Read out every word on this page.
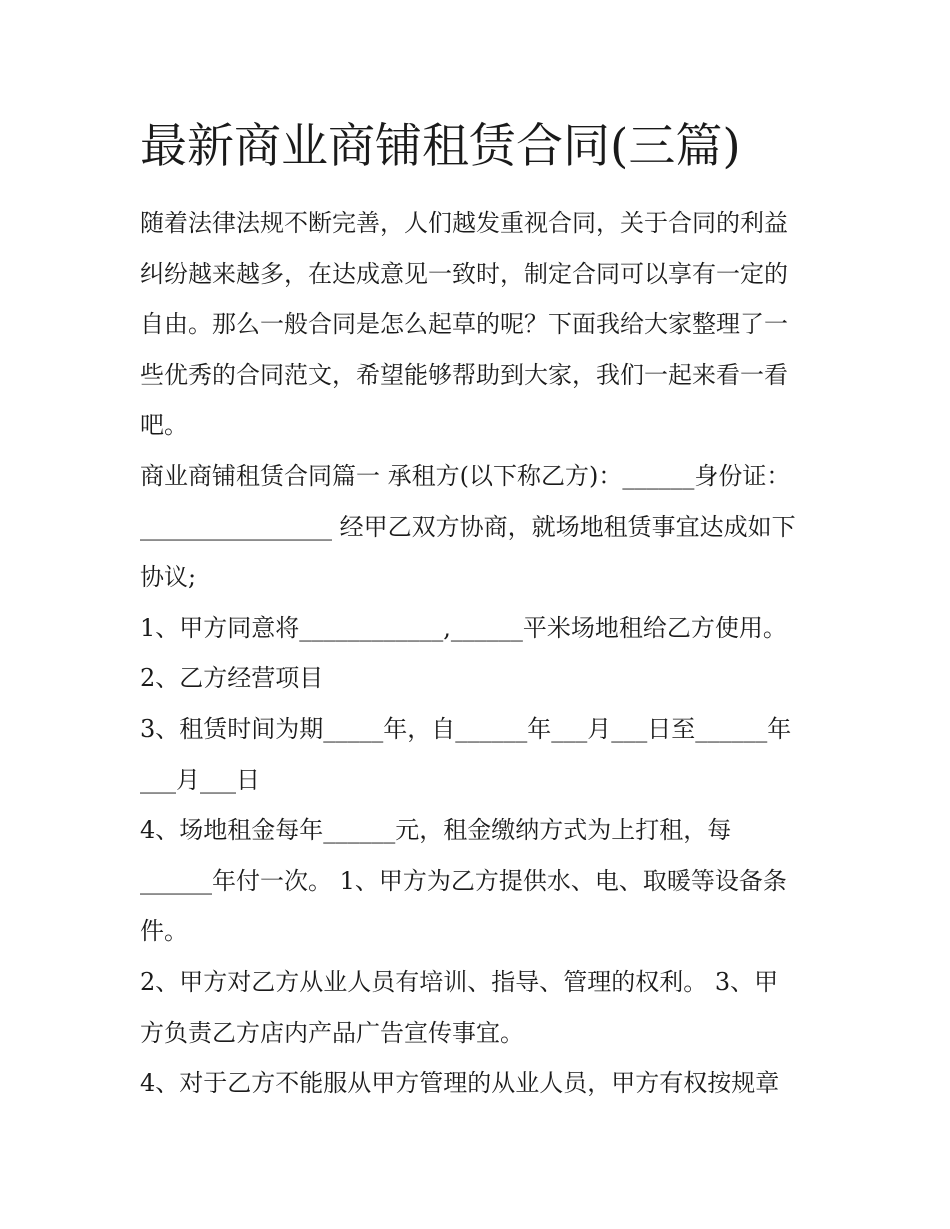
最新商业商铺租赁合同(三篇)

随着法律法规不断完善，人们越发重视合同，关于合同的利益
纠纷越来越多，在达成意见一致时，制定合同可以享有一定的
自由。那么一般合同是怎么起草的呢？下面我给大家整理了一
些优秀的合同范文，希望能够帮助到大家，我们一起来看一看
吧。

商业商铺租赁合同篇一 承租方(以下称乙方)：______身份证：
________________ 经甲乙双方协商，就场地租赁事宜达成如下
协议;

1、甲方同意将____________,______平米场地租给乙方使用。

2、乙方经营项目

3、租赁时间为期_____年，自______年___月___日至______年
___月___日

4、场地租金每年______元，租金缴纳方式为上打租，每
______年付一次。 1、甲方为乙方提供水、电、取暖等设备条
件。

2、甲方对乙方从业人员有培训、指导、管理的权利。 3、甲
方负责乙方店内产品广告宣传事宜。

4、对于乙方不能服从甲方管理的从业人员，甲方有权按规章
